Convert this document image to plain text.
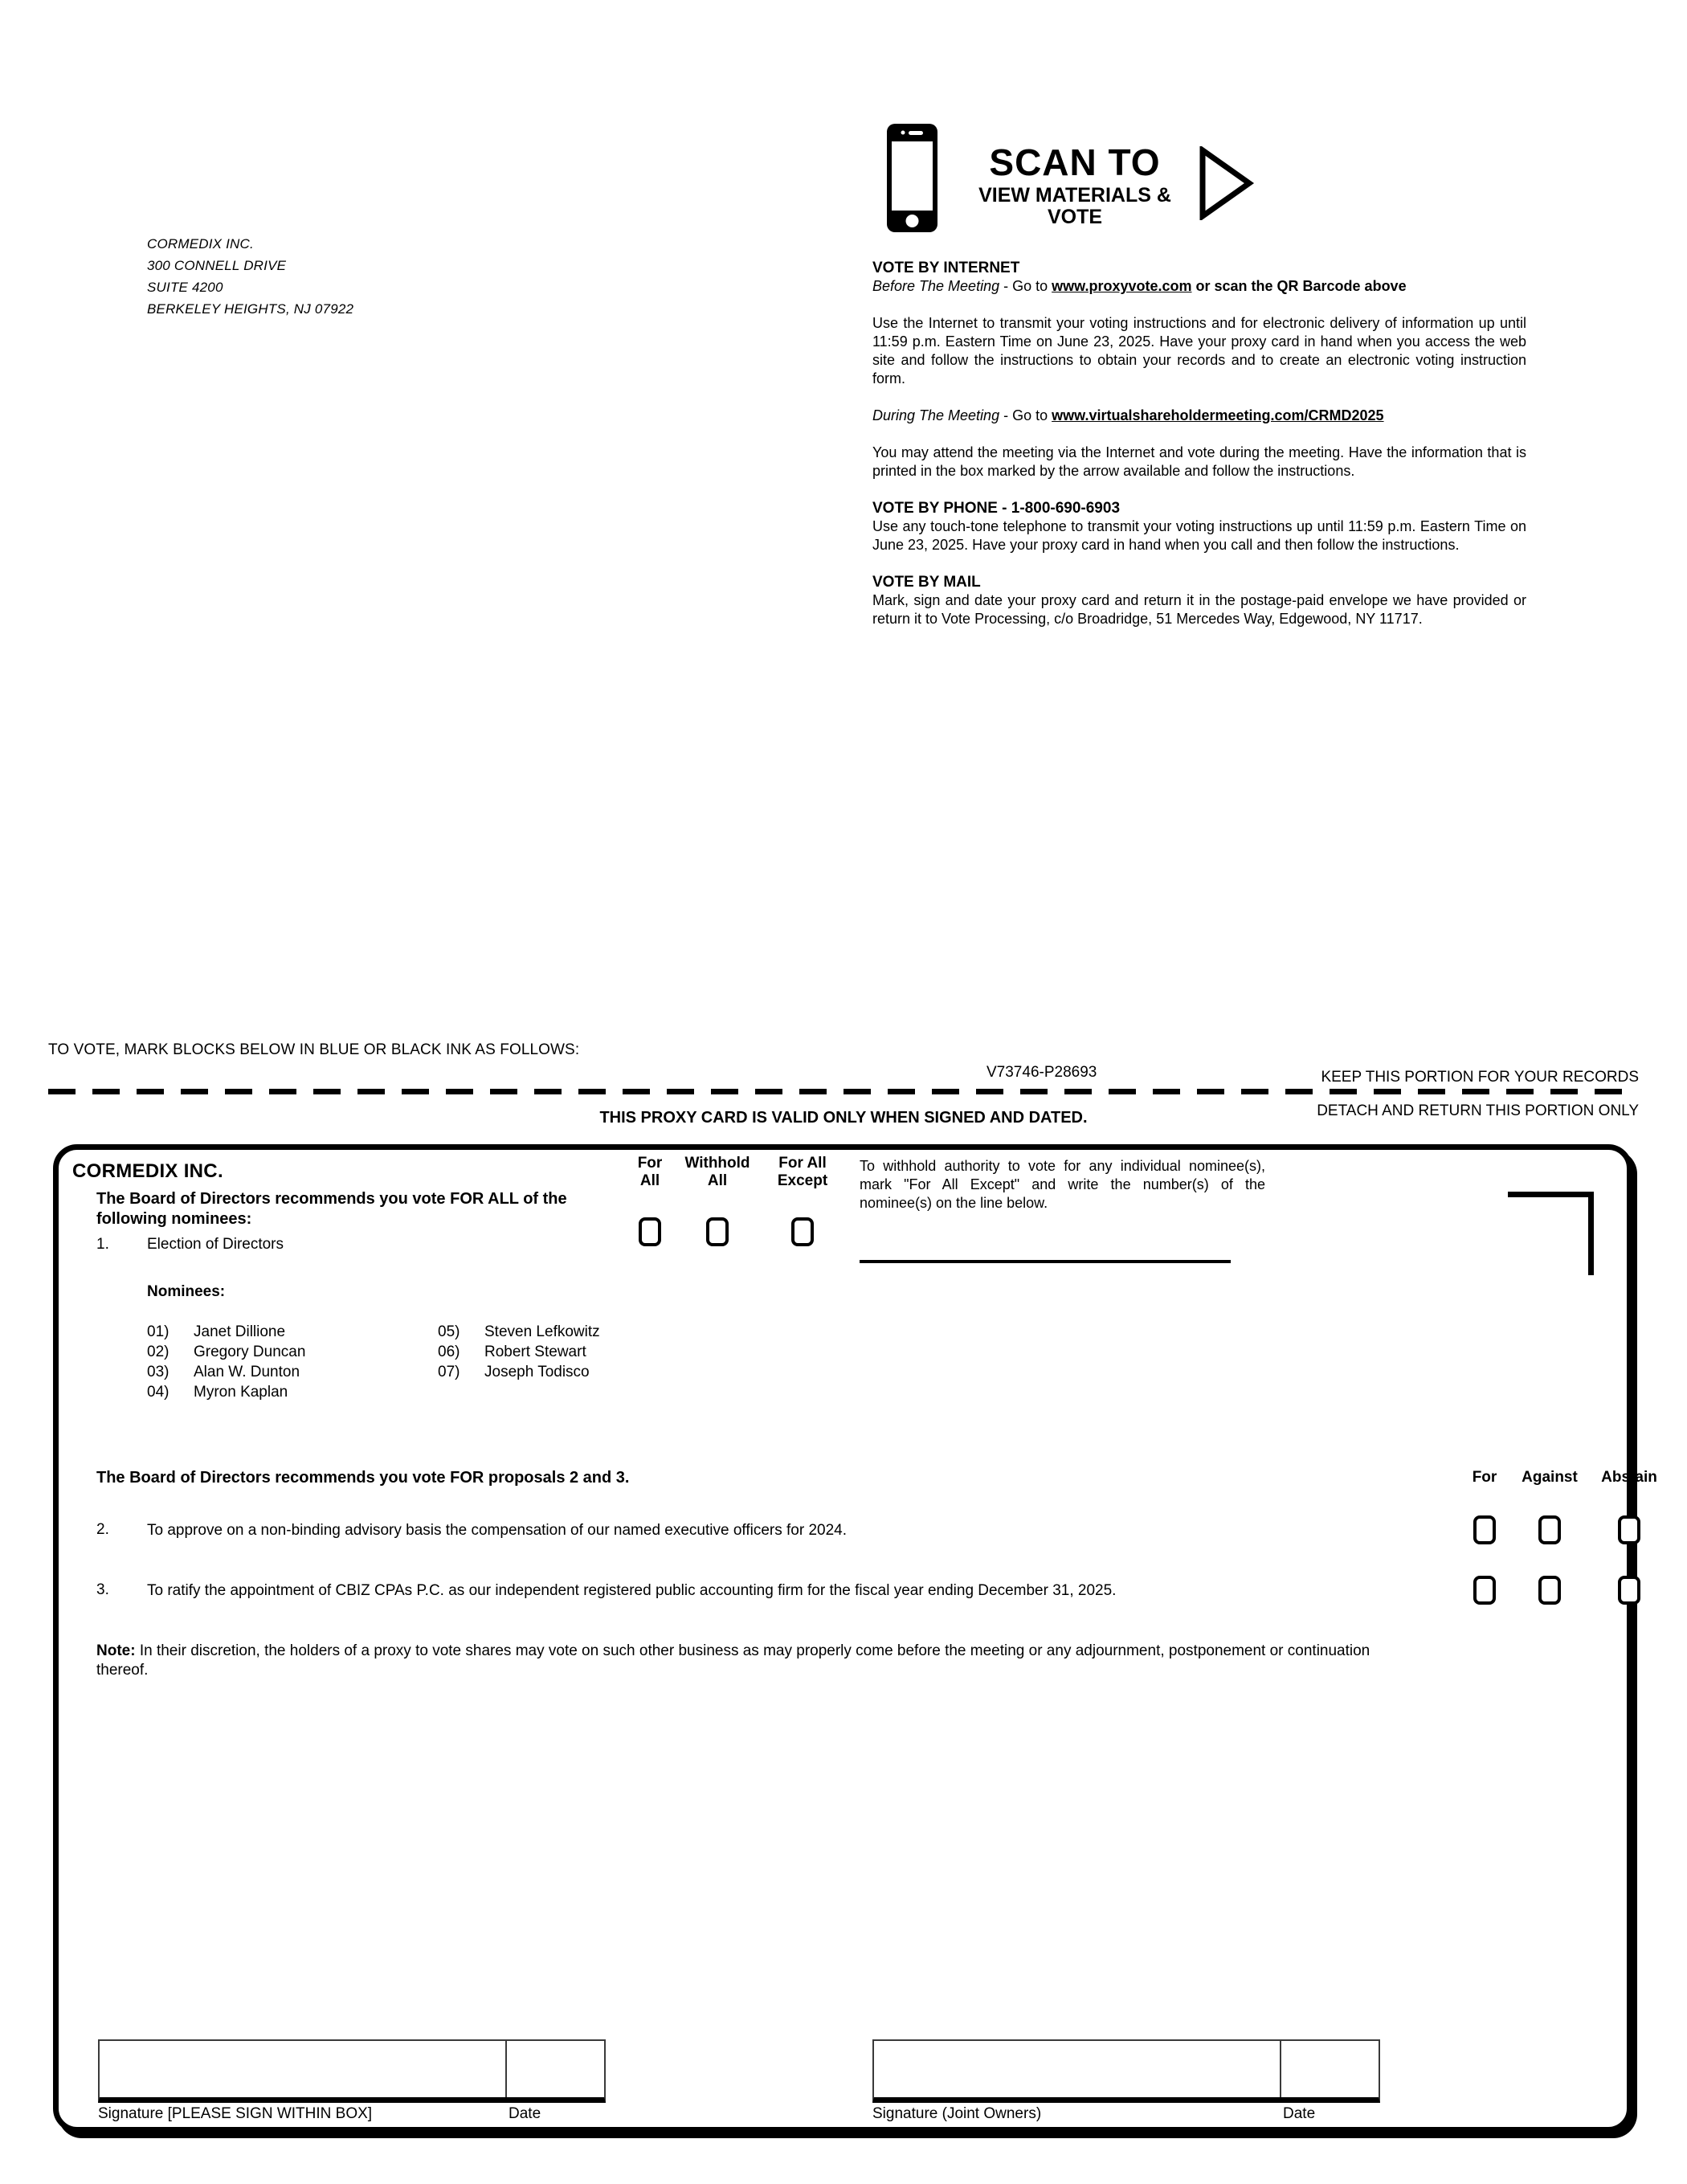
CORMEDIX INC.
300 CONNELL DRIVE
SUITE 4200
BERKELEY HEIGHTS, NJ 07922
SCAN TO
VIEW MATERIALS & VOTE
VOTE BY INTERNET
Before The Meeting - Go to www.proxyvote.com or scan the QR Barcode above

Use the Internet to transmit your voting instructions and for electronic delivery of information up until 11:59 p.m. Eastern Time on June 23, 2025. Have your proxy card in hand when you access the web site and follow the instructions to obtain your records and to create an electronic voting instruction form.

During The Meeting - Go to www.virtualshareholdermeeting.com/CRMD2025

You may attend the meeting via the Internet and vote during the meeting. Have the information that is printed in the box marked by the arrow available and follow the instructions.

VOTE BY PHONE - 1-800-690-6903

Use any touch-tone telephone to transmit your voting instructions up until 11:59 p.m. Eastern Time on June 23, 2025. Have your proxy card in hand when you call and then follow the instructions.

VOTE BY MAIL

Mark, sign and date your proxy card and return it in the postage-paid envelope we have provided or return it to Vote Processing, c/o Broadridge, 51 Mercedes Way, Edgewood, NY 11717.

TO VOTE, MARK BLOCKS BELOW IN BLUE OR BLACK INK AS FOLLOWS:
V73746-P28693	KEEP THIS PORTION FOR YOUR RECORDS
DETACH AND RETURN THIS PORTION ONLY
THIS PROXY CARD IS VALID ONLY WHEN SIGNED AND DATED.
CORMEDIX INC.
The Board of Directors recommends you vote FOR ALL of the following nominees:
For All
Withhold All
For All Except
1. Election of Directors
To withhold authority to vote for any individual nominee(s), mark "For All Except" and write the number(s) of the nominee(s) on the line below.
Nominees:
01)	Janet Dillione
02)	Gregory Duncan
03)	Alan W. Dunton
04)	Myron Kaplan
05)	Steven Lefkowitz
06)	Robert Stewart
07)	Joseph Todisco
The Board of Directors recommends you vote FOR proposals 2 and 3.	For	Against	Abstain
2. To approve on a non-binding advisory basis the compensation of our named executive officers for 2024.
3. To ratify the appointment of CBIZ CPAs P.C. as our independent registered public accounting firm for the fiscal year ending December 31, 2025.
Note: In their discretion, the holders of a proxy to vote shares may vote on such other business as may properly come before the meeting or any adjournment, postponement or continuation thereof.
Signature [PLEASE SIGN WITHIN BOX]	Date	Signature (Joint Owners)	Date
